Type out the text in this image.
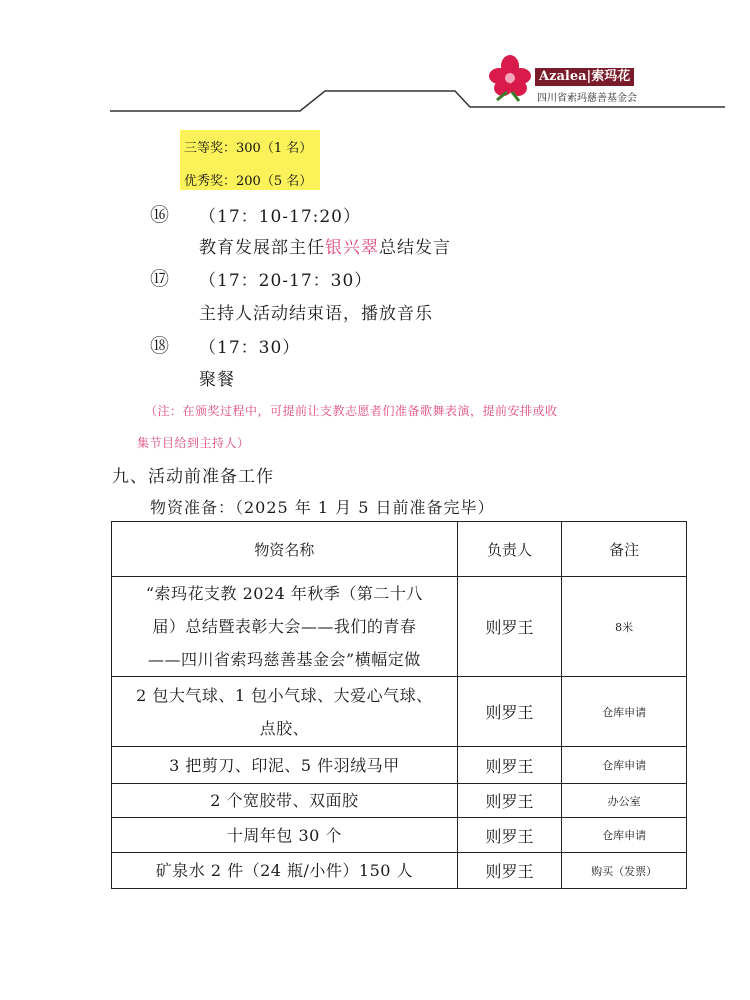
Azalea|索玛花
四川省索玛慈善基金会
三等奖：300（1 名）
优秀奖：200（5 名）
⑯ （17：10-17:20）
教育发展部主任银兴翠总结发言
⑰ （17：20-17：30）
主持人活动结束语，播放音乐
⑱ （17：30）
聚餐
（注：在颁奖过程中，可提前让支教志愿者们准备歌舞表演，提前安排或收
集节目给到主持人）
九、活动前准备工作
物资准备：（2025 年 1 月 5 日前准备完毕）
物资名称	负责人	备注

“索玛花支教 2024 年秋季（第二十八
届）总结暨表彰大会——我们的青春
——四川省索玛慈善基金会”横幅定做	则罗王	8米

2 包大气球、1 包小气球、大爱心气球、
点胶、	则罗王	仓库申请
3 把剪刀、印泥、5 件羽绒马甲	则罗王	仓库申请
2 个宽胶带、双面胶	则罗王	办公室
十周年包 30 个	则罗王	仓库申请
矿泉水 2 件（24 瓶/小件）150 人	则罗王	购买（发票）
